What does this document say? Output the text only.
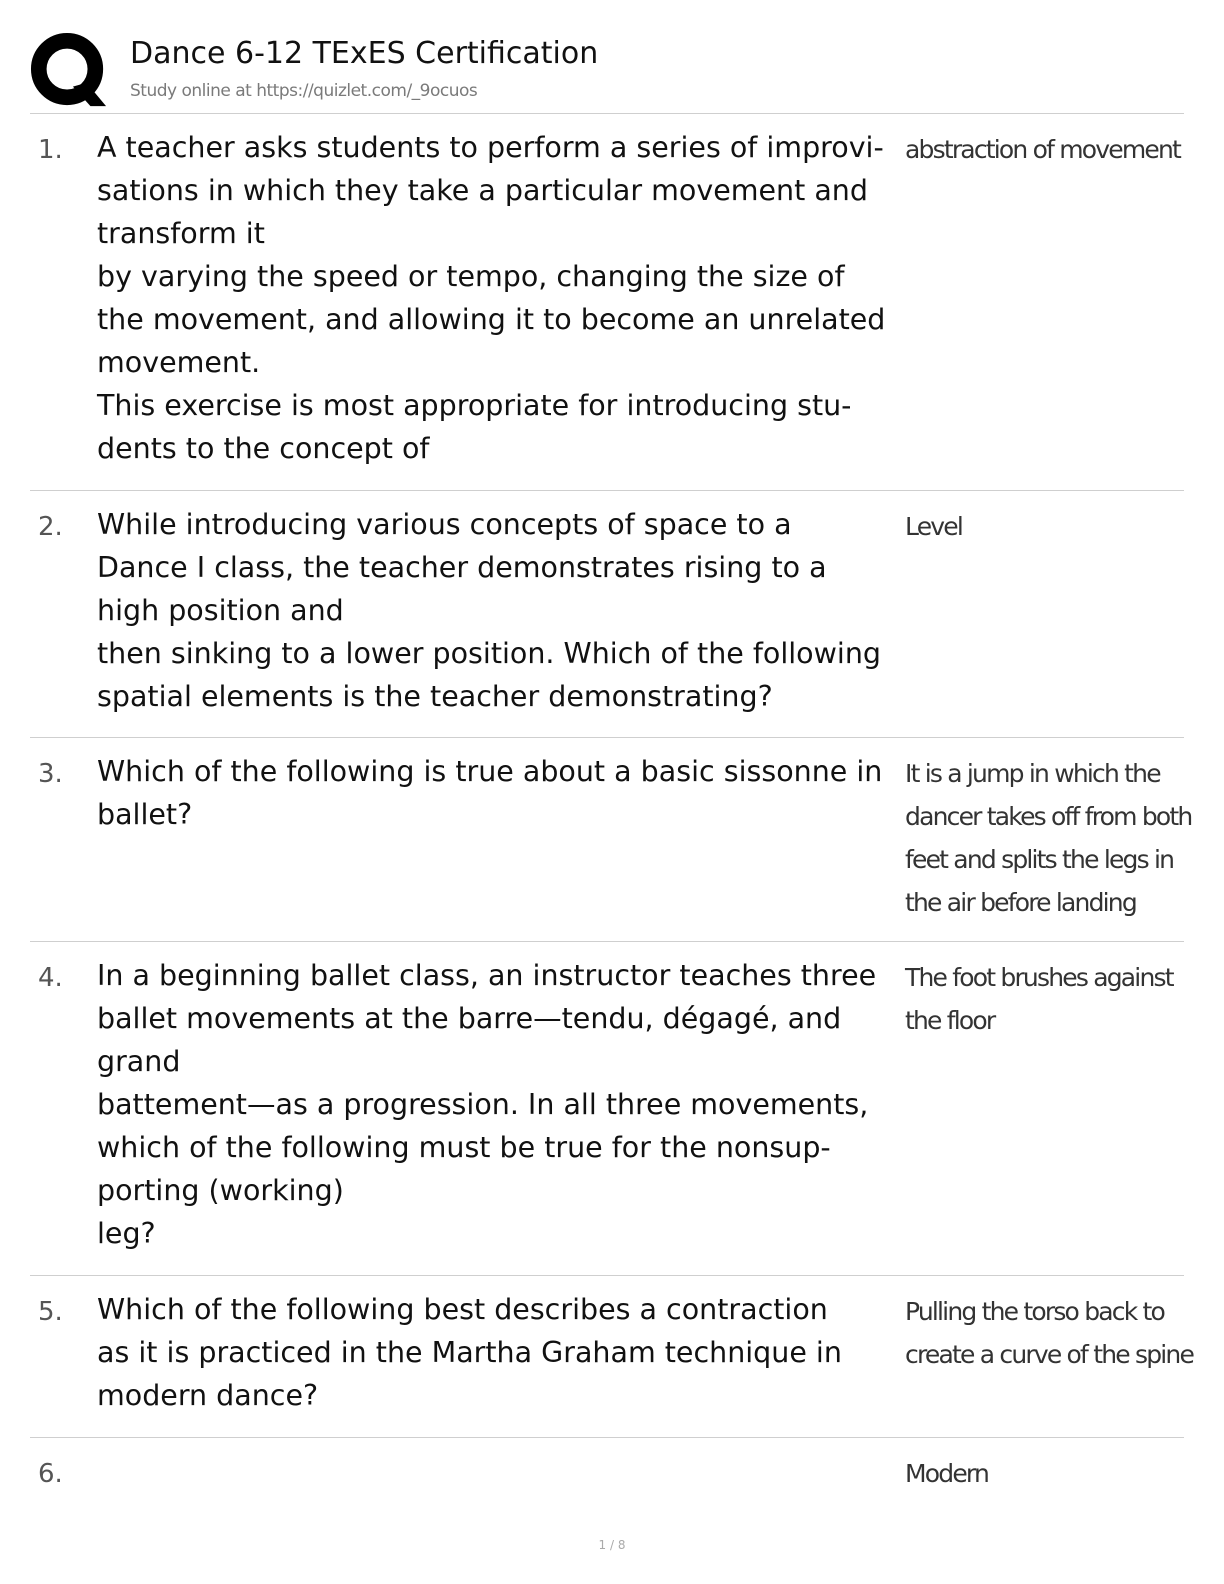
Dance 6-12 TExES Certification
Study online at https://quizlet.com/_9ocuos
1. A teacher asks students to perform a series of improvi-
sations in which they take a particular movement and
transform it
by varying the speed or tempo, changing the size of
the movement, and allowing it to become an unrelated
movement.
This exercise is most appropriate for introducing stu-
dents to the concept of
abstraction of movement
2. While introducing various concepts of space to a
Dance I class, the teacher demonstrates rising to a
high position and
then sinking to a lower position. Which of the following
spatial elements is the teacher demonstrating?
Level
3. Which of the following is true about a basic sissonne in
ballet?
It is a jump in which the
dancer takes off from both
feet and splits the legs in
the air before landing
4. In a beginning ballet class, an instructor teaches three
ballet movements at the barre—tendu, dégagé, and
grand
battement—as a progression. In all three movements,
which of the following must be true for the nonsup-
porting (working)
leg?
The foot brushes against
the floor
5. Which of the following best describes a contraction
as it is practiced in the Martha Graham technique in
modern dance?
Pulling the torso back to
create a curve of the spine
6.	Modern
1 / 8
